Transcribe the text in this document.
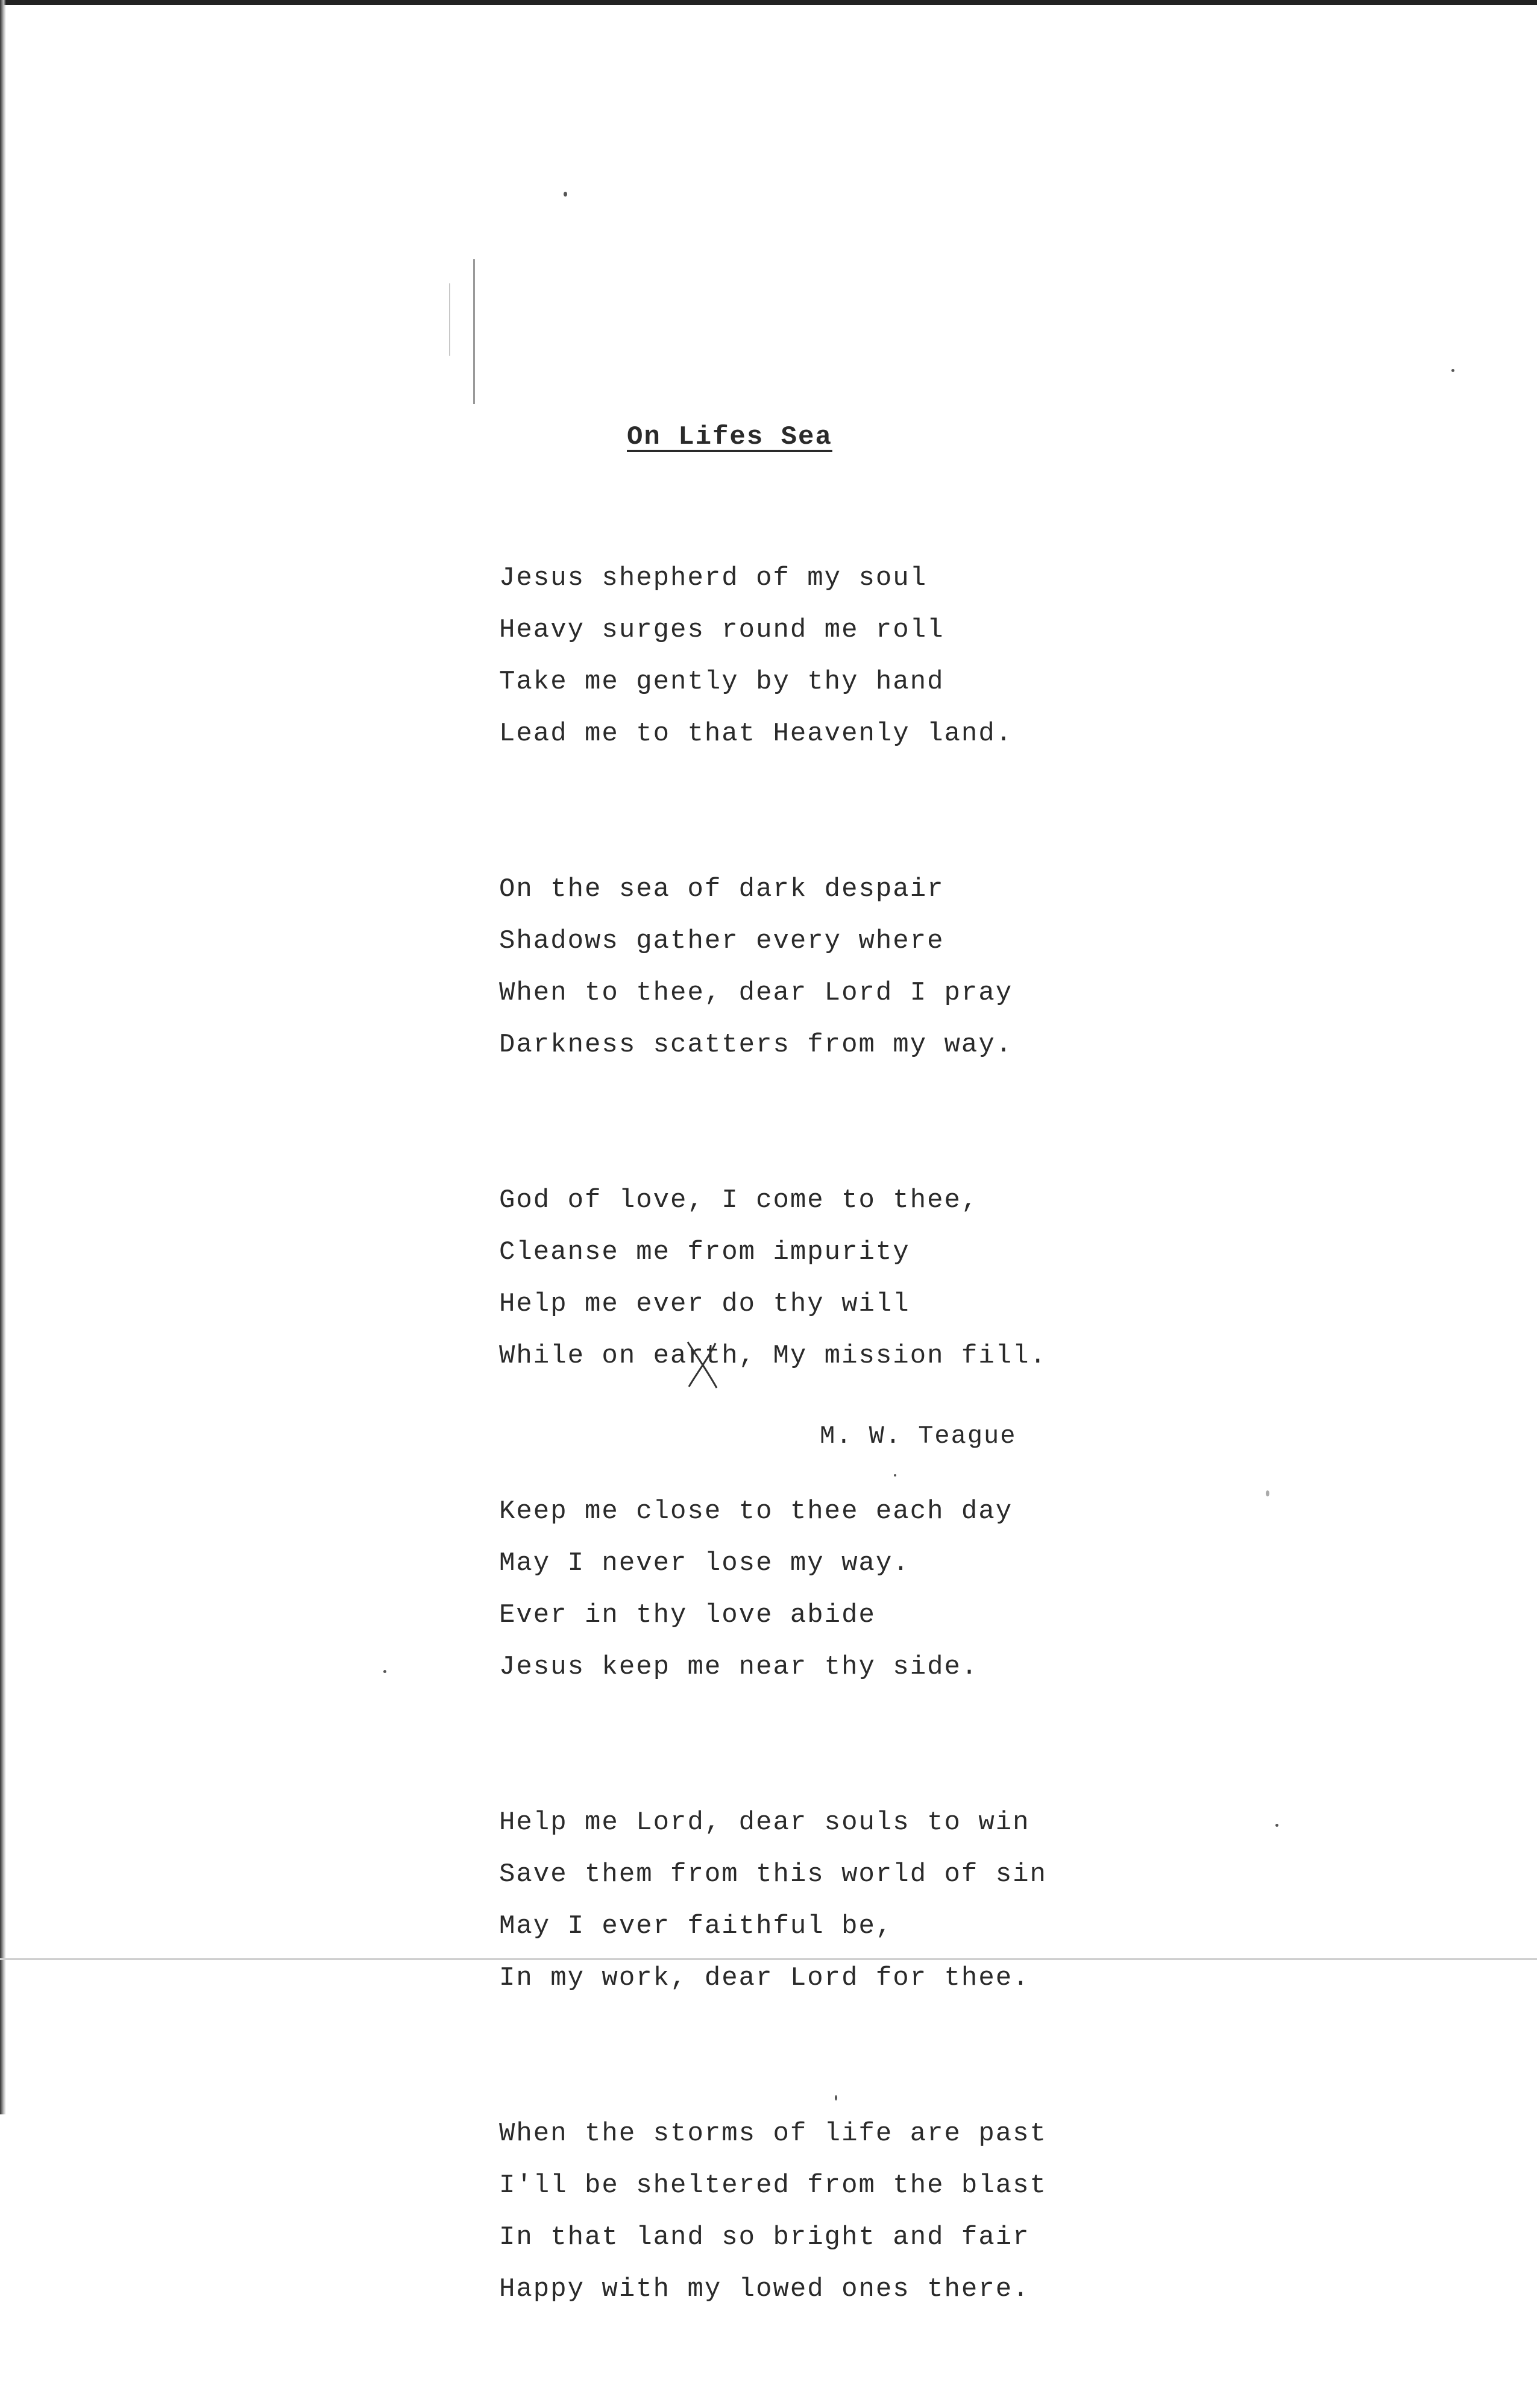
On Lifes Sea

Jesus shepherd of my soul

Heavy surges round me roll

Take me gently by thy hand

Lead me to that Heavenly land.

On the sea of dark despair

Shadows gather every where

When to thee, dear Lord I pray

Darkness scatters from my way.

God of love, I come to thee,

Cleanse me from impurity

Help me ever do thy will

While on earth, My mission fill.

Keep me close to thee each day

May I never lose my way.

Ever in thy love abide

Jesus keep me near thy side.

Help me Lord, dear souls to win

Save them from this world of sin

May I ever faithful be,

In my work, dear Lord for thee.

When the storms of life are past

I'll be sheltered from the blast

In that land so bright and fair

Happy with my lowed ones there.

M. W. Teague
